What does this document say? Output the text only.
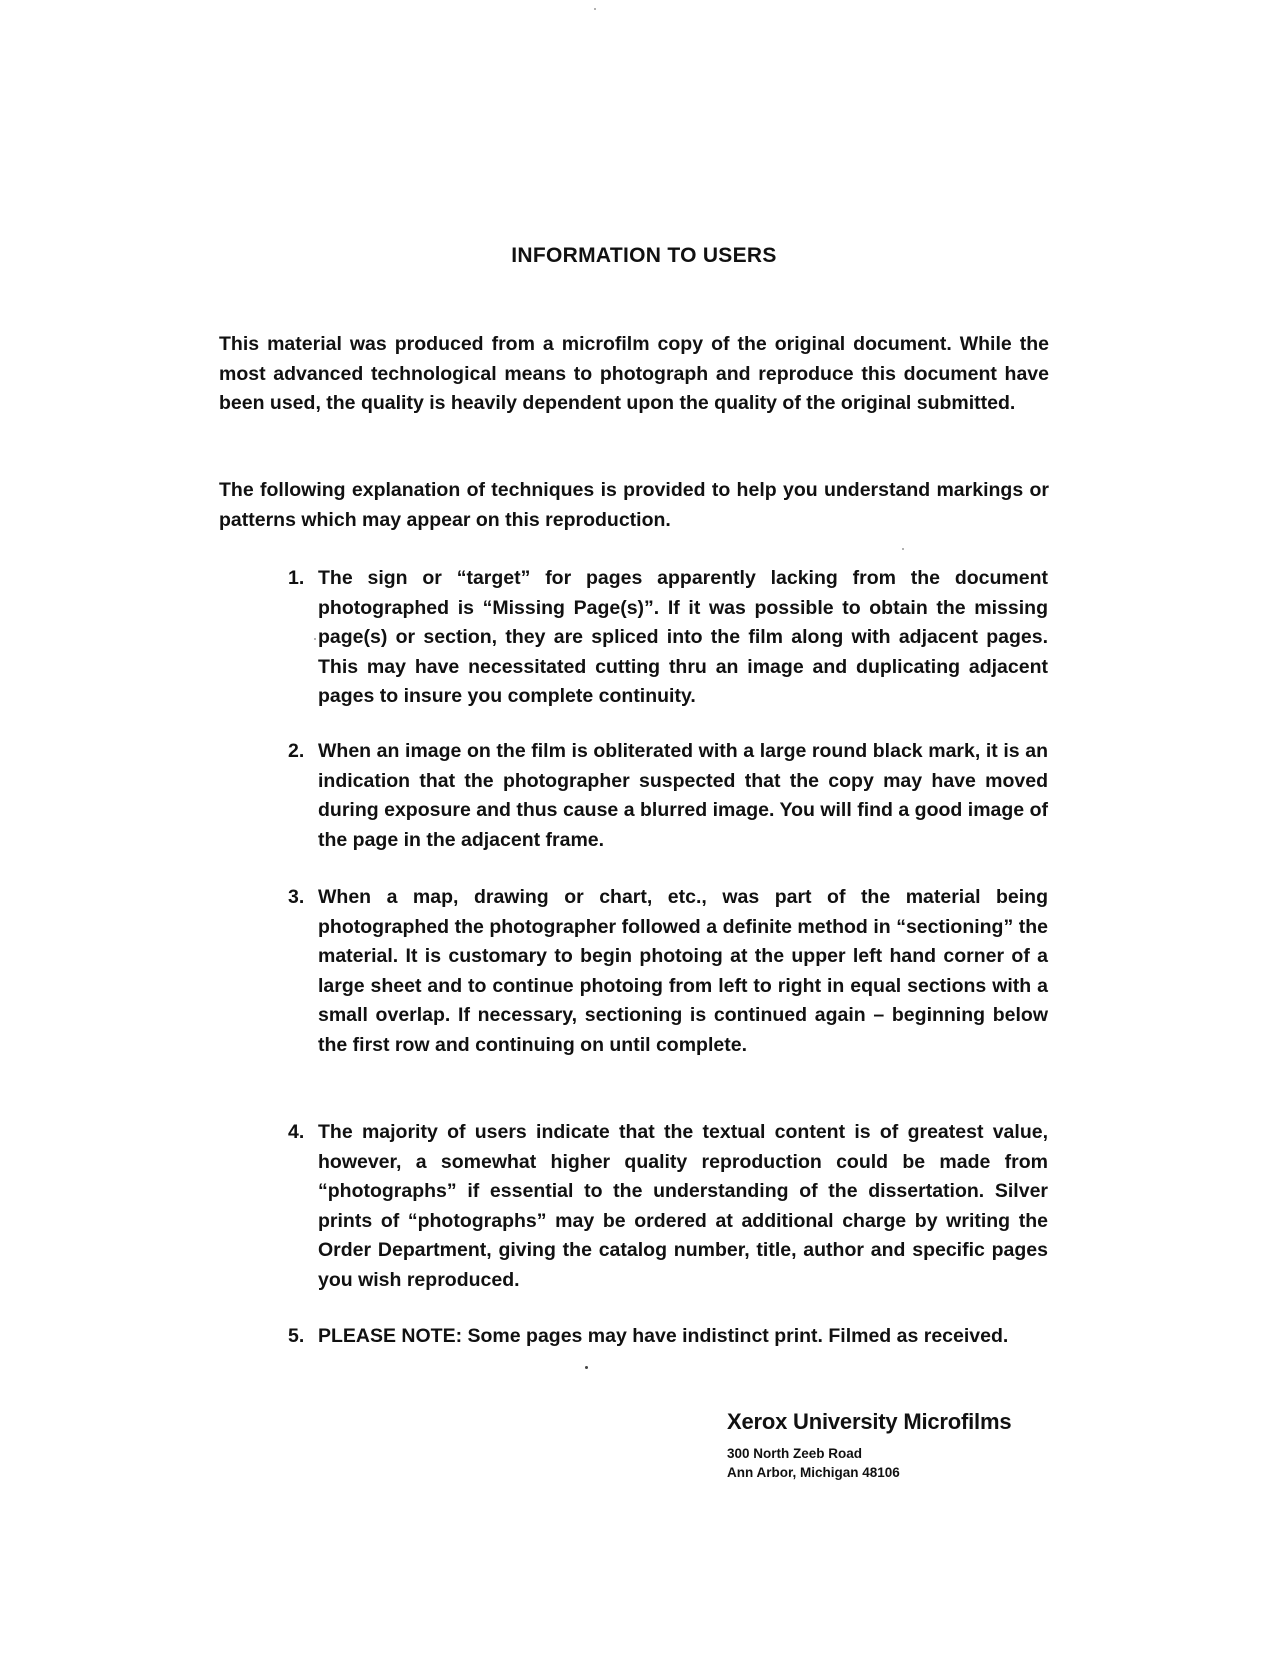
INFORMATION TO USERS

This material was produced from a microfilm copy of the original document. While the most advanced technological means to photograph and reproduce this document have been used, the quality is heavily dependent upon the quality of the original submitted.

The following explanation of techniques is provided to help you understand markings or patterns which may appear on this reproduction.

1. The sign or “target” for pages apparently lacking from the document photographed is “Missing Page(s)”. If it was possible to obtain the missing page(s) or section, they are spliced into the film along with adjacent pages. This may have necessitated cutting thru an image and duplicating adjacent pages to insure you complete continuity.
2. When an image on the film is obliterated with a large round black mark, it is an indication that the photographer suspected that the copy may have moved during exposure and thus cause a blurred image. You will find a good image of the page in the adjacent frame.
3. When a map, drawing or chart, etc., was part of the material being photographed the photographer followed a definite method in “sectioning” the material. It is customary to begin photoing at the upper left hand corner of a large sheet and to continue photoing from left to right in equal sections with a small overlap. If necessary, sectioning is continued again – beginning below the first row and continuing on until complete.
4. The majority of users indicate that the textual content is of greatest value, however, a somewhat higher quality reproduction could be made from “photographs” if essential to the understanding of the dissertation. Silver prints of “photographs” may be ordered at additional charge by writing the Order Department, giving the catalog number, title, author and specific pages you wish reproduced.
5. PLEASE NOTE: Some pages may have indistinct print. Filmed as received.

Xerox University Microfilms

300 North Zeeb Road

Ann Arbor, Michigan 48106
